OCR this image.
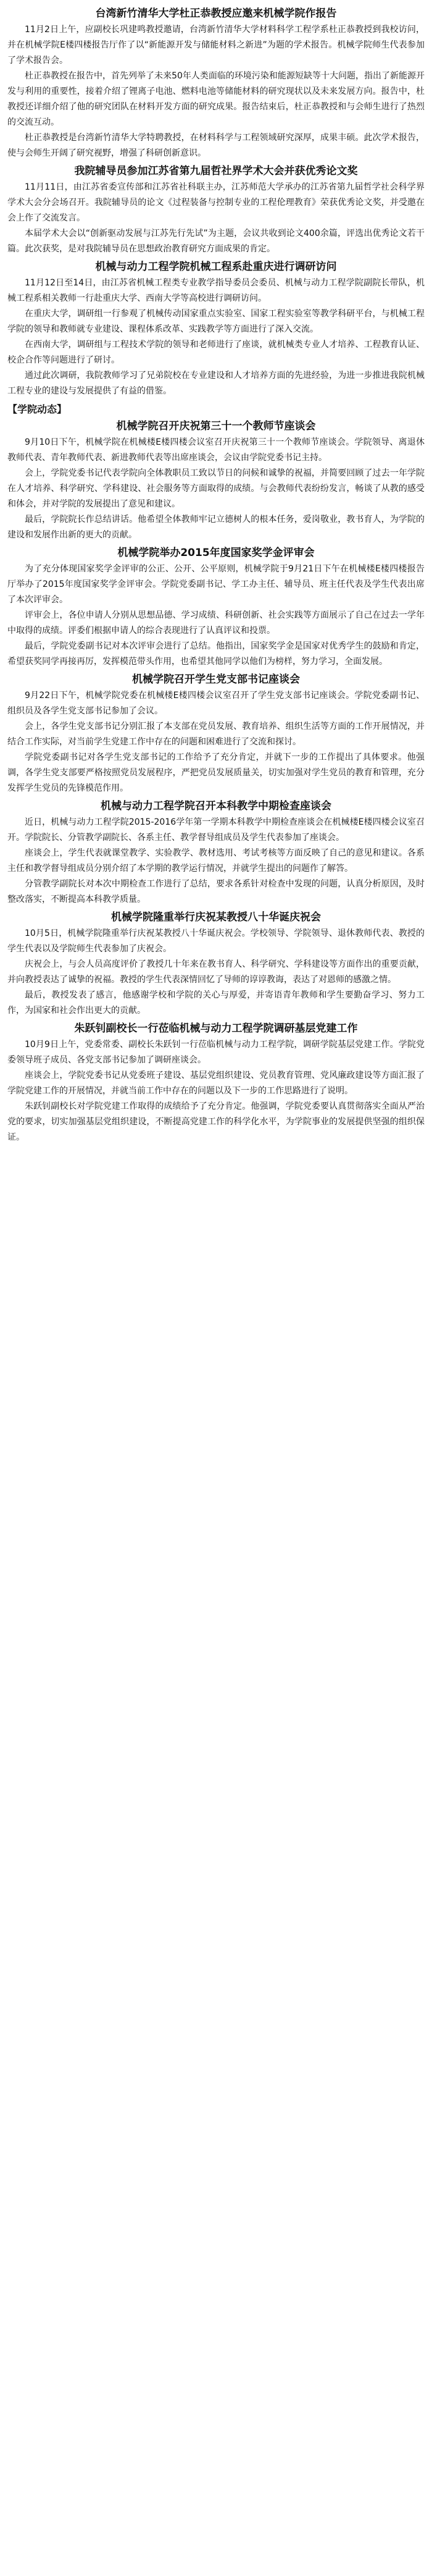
台湾新竹清华大学杜正恭教授应邀来机械学院作报告

11月2日上午，应副校长巩建鸣教授邀请，台湾新竹清华大学材料科学工程学系杜正恭教授到我校访问，并在机械学院E楼四楼报告厅作了以“新能源开发与储能材料之新进”为题的学术报告。机械学院师生代表参加了学术报告会。

杜正恭教授在报告中，首先列举了未来50年人类面临的环境污染和能源短缺等十大问题，指出了新能源开发与利用的重要性，接着介绍了锂离子电池、燃料电池等储能材料的研究现状以及未来发展方向。报告中，杜教授还详细介绍了他的研究团队在材料开发方面的研究成果。报告结束后，杜正恭教授和与会师生进行了热烈的交流互动。

杜正恭教授是台湾新竹清华大学特聘教授，在材料科学与工程领域研究深厚，成果丰硕。此次学术报告，使与会师生开阔了研究视野，增强了科研创新意识。

我院辅导员参加江苏省第九届哲社界学术大会并获优秀论文奖

11月11日，由江苏省委宣传部和江苏省社科联主办，江苏师范大学承办的江苏省第九届哲学社会科学界学术大会分会场召开。我院辅导员的论文《过程装备与控制专业的工程伦理教育》荣获优秀论文奖，并受邀在会上作了交流发言。

本届学术大会以“创新驱动发展与江苏先行先试”为主题，会议共收到论文400余篇，评选出优秀论文若干篇。此次获奖，是对我院辅导员在思想政治教育研究方面成果的肯定。

机械与动力工程学院机械工程系赴重庆进行调研访问

11月12日至14日，由江苏省机械工程类专业教学指导委员会委员、机械与动力工程学院副院长带队，机械工程系相关教师一行赴重庆大学、西南大学等高校进行调研访问。

在重庆大学，调研组一行参观了机械传动国家重点实验室、国家工程实验室等教学科研平台，与机械工程学院的领导和教师就专业建设、课程体系改革、实践教学等方面进行了深入交流。

在西南大学，调研组与工程技术学院的领导和老师进行了座谈，就机械类专业人才培养、工程教育认证、校企合作等问题进行了研讨。

通过此次调研，我院教师学习了兄弟院校在专业建设和人才培养方面的先进经验，为进一步推进我院机械工程专业的建设与发展提供了有益的借鉴。

【学院动态】
机械学院召开庆祝第三十一个教师节座谈会

9月10日下午，机械学院在机械楼E楼四楼会议室召开庆祝第三十一个教师节座谈会。学院领导、离退休教师代表、青年教师代表、新进教师代表等出席座谈会，会议由学院党委书记主持。

会上，学院党委书记代表学院向全体教职员工致以节日的问候和诚挚的祝福，并简要回顾了过去一年学院在人才培养、科学研究、学科建设、社会服务等方面取得的成绩。与会教师代表纷纷发言，畅谈了从教的感受和体会，并对学院的发展提出了意见和建议。

最后，学院院长作总结讲话。他希望全体教师牢记立德树人的根本任务，爱岗敬业，教书育人，为学院的建设和发展作出新的更大的贡献。

机械学院举办2015年度国家奖学金评审会

为了充分体现国家奖学金评审的公正、公开、公平原则，机械学院于9月21日下午在机械楼E楼四楼报告厅举办了2015年度国家奖学金评审会。学院党委副书记、学工办主任、辅导员、班主任代表及学生代表出席了本次评审会。

评审会上，各位申请人分别从思想品德、学习成绩、科研创新、社会实践等方面展示了自己在过去一学年中取得的成绩。评委们根据申请人的综合表现进行了认真评议和投票。

最后，学院党委副书记对本次评审会进行了总结。他指出，国家奖学金是国家对优秀学生的鼓励和肯定，希望获奖同学再接再厉，发挥模范带头作用，也希望其他同学以他们为榜样，努力学习，全面发展。

机械学院召开学生党支部书记座谈会

9月22日下午，机械学院党委在机械楼E楼四楼会议室召开了学生党支部书记座谈会。学院党委副书记、组织员及各学生党支部书记参加了会议。

会上，各学生党支部书记分别汇报了本支部在党员发展、教育培养、组织生活等方面的工作开展情况，并结合工作实际，对当前学生党建工作中存在的问题和困难进行了交流和探讨。

学院党委副书记对各学生党支部书记的工作给予了充分肯定，并就下一步的工作提出了具体要求。他强调，各学生党支部要严格按照党员发展程序，严把党员发展质量关，切实加强对学生党员的教育和管理，充分发挥学生党员的先锋模范作用。

机械与动力工程学院召开本科教学中期检查座谈会

近日，机械与动力工程学院2015-2016学年第一学期本科教学中期检查座谈会在机械楼E楼四楼会议室召开。学院院长、分管教学副院长、各系主任、教学督导组成员及学生代表参加了座谈会。

座谈会上，学生代表就课堂教学、实验教学、教材选用、考试考核等方面反映了自己的意见和建议。各系主任和教学督导组成员分别介绍了本学期的教学运行情况，并就学生提出的问题作了解答。

分管教学副院长对本次中期检查工作进行了总结，要求各系针对检查中发现的问题，认真分析原因，及时整改落实，不断提高本科教学质量。

机械学院隆重举行庆祝某教授八十华诞庆祝会

10月5日，机械学院隆重举行庆祝某教授八十华诞庆祝会。学校领导、学院领导、退休教师代表、教授的学生代表以及学院师生代表参加了庆祝会。

庆祝会上，与会人员高度评价了教授几十年来在教书育人、科学研究、学科建设等方面作出的重要贡献，并向教授表达了诚挚的祝福。教授的学生代表深情回忆了导师的谆谆教诲，表达了对恩师的感激之情。

最后，教授发表了感言，他感谢学校和学院的关心与厚爱，并寄语青年教师和学生要勤奋学习、努力工作，为国家和社会作出更大的贡献。

朱跃钊副校长一行莅临机械与动力工程学院调研基层党建工作

10月9日上午，党委常委、副校长朱跃钊一行莅临机械与动力工程学院，调研学院基层党建工作。学院党委领导班子成员、各党支部书记参加了调研座谈会。

座谈会上，学院党委书记从党委班子建设、基层党组织建设、党员教育管理、党风廉政建设等方面汇报了学院党建工作的开展情况，并就当前工作中存在的问题以及下一步的工作思路进行了说明。

朱跃钊副校长对学院党建工作取得的成绩给予了充分肯定。他强调，学院党委要认真贯彻落实全面从严治党的要求，切实加强基层党组织建设，不断提高党建工作的科学化水平，为学院事业的发展提供坚强的组织保证。
